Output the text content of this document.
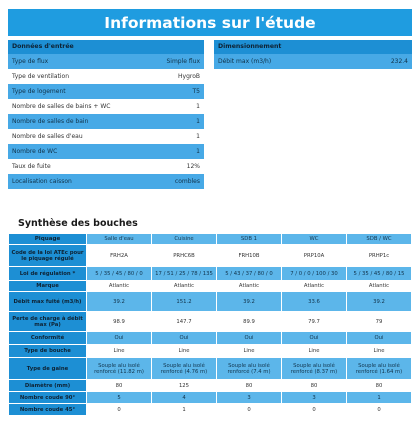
Informations sur l'étude
Données d'entrée
Type de flux	Simple flux
Type de ventilation	HygroB
Type de logement	T5
Nombre de salles de bains + WC	1
Nombre de salles de bain	1
Nombre de salles d'eau	1
Nombre de WC	1
Taux de fuite	12%
Localisation caisson	combles
Dimensionnement
Débit max (m3/h)	232.4
Synthèse des bouches
Piquage	Salle d'eau	Cuisine	SDB 1	WC	SDB / WC
Code de la loi ATEc pour le piquage régulé	FRH2A	PRHC6B	FRH10B	PRP10A	PRHP1c
Loi de régulation *	5 / 35 / 45 / 80 / 0	17 / 51 / 25 / 78 / 135	5 / 43 / 37 / 80 / 0	7 / 0 / 0 / 100 / 30	5 / 35 / 45 / 80 / 15
Marque	Atlantic	Atlantic	Atlantic	Atlantic	Atlantic
Débit max fuité (m3/h)	39.2	151.2	39.2	33.6	39.2
Perte de charge à débit max (Pa)	98.9	147.7	89.9	79.7	79
Conformité	Oui	Oui	Oui	Oui	Oui
Type de bouche	Line	Line	Line	Line	Line
Type de gaine	Souple alu isolé renforcé (11.82 m)	Souple alu isolé renforcé (4.76 m)	Souple alu isolé renforcé (7.4 m)	Souple alu isolé renforcé (8.37 m)	Souple alu isolé renforcé (1.64 m)
Diamètre (mm)	80	125	80	80	80
Nombre coude 90°	5	4	3	3	1
Nombre coude 45°	0	1	0	0	0
